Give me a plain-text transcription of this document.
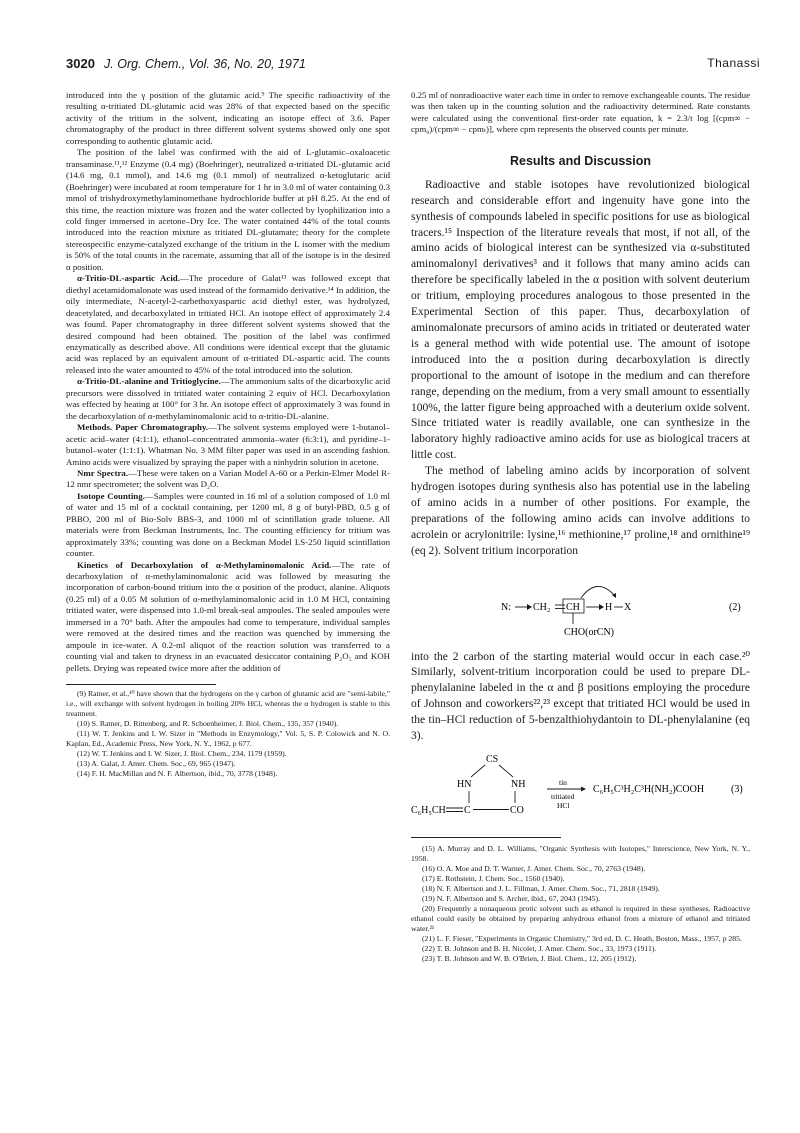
3020 J. Org. Chem., Vol. 36, No. 20, 1971	Thanassi

introduced into the γ position of the glutamic acid.⁹ The specific radioactivity of the resulting α-tritiated DL-glutamic acid was 28% of that expected based on the specific activity of the tritium in the solvent, indicating an isotope effect of 3.6. Paper chromatography of the product in three different solvent systems showed only one spot corresponding to authentic glutamic acid.

The position of the label was confirmed with the aid of L-glutamic–oxaloacetic transaminase.¹¹,¹² Enzyme (0.4 mg) (Boehringer), neutralized α-tritiated DL-glutamic acid (14.6 mg, 0.1 mmol), and 14.6 mg (0.1 mmol) of neutralized α-ketoglutaric acid (Boehringer) were incubated at room temperature for 1 hr in 3.0 ml of water containing 0.3 mmol of trishydroxymethylaminomethane hydrochloride buffer at pH 8.25. At the end of this time, the reaction mixture was frozen and the water collected by lyophilization into a cold finger immersed in acetone–Dry Ice. The water contained 44% of the total counts introduced into the reaction mixture as tritiated DL-glutamate; theory for the complete stereospecific enzyme-catalyzed exchange of the tritium in the L isomer with the medium is 50% of the total counts in the racemate, assuming that all of the isotope is in the desired α position.

α-Tritio-DL-aspartic Acid.—The procedure of Galat¹³ was followed except that diethyl acetamidomalonate was used instead of the formamido derivative.¹⁴ In addition, the oily intermediate, N-acetyl-2-carbethoxyaspartic acid diethyl ester, was hydrolyzed, deacetylated, and decarboxylated in tritiated HCl. An isotope effect of approximately 2.4 was found. Paper chromatography in three different solvent systems showed that the desired compound had been obtained. The position of the label was confirmed enzymatically as described above. All conditions were identical except that the glutamic acid was replaced by an equivalent amount of α-tritiated DL-aspartic acid. The counts released into the water amounted to 45% of the total introduced into the solution.

α-Tritio-DL-alanine and Tritioglycine.—The ammonium salts of the dicarboxylic acid precursors were dissolved in tritiated water containing 2 equiv of HCl. Decarboxylation was effected by heating at 100° for 3 hr. An isotope effect of approximately 3 was found in the decarboxylation of α-methylaminomalonic acid to α-tritio-DL-alanine.

Methods. Paper Chromatography.—The solvent systems employed were 1-butanol–acetic acid–water (4:1:1), ethanol–concentrated ammonia–water (6:3:1), and pyridine–1-butanol–water (1:1:1). Whatman No. 3 MM filter paper was used in an ascending fashion. Amino acids were visualized by spraying the paper with a ninhydrin solution in acetone.

Nmr Spectra.—These were taken on a Varian Model A-60 or a Perkin-Elmer Model R-12 nmr spectrometer; the solvent was D₂O.

Isotope Counting.—Samples were counted in 16 ml of a solution composed of 1.0 ml of water and 15 ml of a cocktail containing, per 1200 ml, 8 g of butyl-PBD, 0.5 g of PBBO, 200 ml of Bio-Solv BBS-3, and 1000 ml of scintillation grade toluene. All materials were from Beckman Instruments, Inc. The counting efficiency for tritium was approximately 33%; counting was done on a Beckman Model LS-250 liquid scintillation counter.

Kinetics of Decarboxylation of α-Methylaminomalonic Acid.—The rate of decarboxylation of α-methylaminomalonic acid was followed by measuring the incorporation of carbon-bound tritium into the α position of the product, alanine. Aliquots (0.25 ml) of a 0.05 M solution of α-methylaminomalonic acid in 1.0 M HCl, containing tritiated water, were dispensed into 1.0-ml break-seal ampoules. The sealed ampoules were immersed in a 70° bath. After the ampoules had come to temperature, individual samples were removed at the desired times and the reaction was quenched by immersing the ampoule in ice-water. A 0.2-ml aliquot of the reaction solution was transferred to a counting vial and taken to dryness in an evacuated desiccator containing P₂O₅ and KOH pellets. Drying was repeated twice more after the addition of

(9) Ratner, et al.,¹⁰ have shown that the hydrogens on the γ carbon of glutamic acid are "semi-labile," i.e., will exchange with solvent hydrogen in boiling 20% HCl, whereas the α hydrogen is stable to this treatment.

(10) S. Ratner, D. Rittenberg, and R. Schoenheimer, J. Biol. Chem., 135, 357 (1940).

(11) W. T. Jenkins and I. W. Sizer in "Methods in Enzymology," Vol. 5, S. P. Colowick and N. O. Kaplan, Ed., Academic Press, New York, N. Y., 1962, p 677.

(12) W. T. Jenkins and I. W. Sizer, J. Biol. Chem., 234, 1179 (1959).

(13) A. Galat, J. Amer. Chem. Soc., 69, 965 (1947).

(14) F. H. MacMillan and N. F. Albertson, ibid., 70, 3778 (1948).

0.25 ml of nonradioactive water each time in order to remove exchangeable counts. The residue was then taken up in the counting solution and the radioactivity determined. Rate constants were calculated using the conventional first-order rate equation, k = 2.3/t log [(cpm∞ − cpm₀)/(cpm∞ − cpmₜ)], where cpm represents the observed counts per minute.

Results and Discussion

Radioactive and stable isotopes have revolutionized biological research and considerable effort and ingenuity have gone into the synthesis of compounds labeled in specific positions for use as biological tracers.¹⁵ Inspection of the literature reveals that most, if not all, of the amino acids of biological interest can be synthesized via α-substituted aminomalonyl derivatives³ and it follows that many amino acids can therefore be specifically labeled in the α position with solvent deuterium or tritium, employing procedures analogous to those presented in the Experimental Section of this paper. Thus, decarboxylation of aminomalonate precursors of amino acids in tritiated or deuterated water is a general method with wide potential use. The amount of isotope introduced into the α position during decarboxylation is directly proportional to the amount of isotope in the medium and can therefore range, depending on the medium, from a very small amount to essentially 100%, the latter figure being approached with a deuterium oxide solvent. Since tritiated water is readily available, one can synthesize in the laboratory highly radioactive amino acids for use as biological tracers at little cost.

The method of labeling amino acids by incorporation of solvent hydrogen isotopes during synthesis also has potential use in the labeling of amino acids in a number of other positions. For example, the preparations of the following amino acids can involve additions to acrolein or acrylonitrile: lysine,¹⁶ methionine,¹⁷ proline,¹⁸ and ornithine¹⁹ (eq 2). Solvent tritium incorporation

N: CH₂ CH	H X
CHO(orCN)
(2)

into the 2 carbon of the starting material would occur in each case.²⁰ Similarly, solvent-tritium incorporation could be used to prepare DL-phenylalanine labeled in the α and β positions employing the procedure of Johnson and coworkers²²,²³ except that tritiated HCl would be used in the tin–HCl reduction of 5-benzalthiohydantoin to DL-phenylalanine (eq 3).

CS
HN	NH
C₆H₅CH C	CO
tin
tritiated
HCl
C₆H₅C³H₂C³H(NH₂)COOH	(3)

(15) A. Murray and D. L. Williams, "Organic Synthesis with Isotopes," Interscience, New York, N. Y., 1958.

(16) O. A. Moe and D. T. Warner, J. Amer. Chem. Soc., 70, 2763 (1948).

(17) E. Rothstein, J. Chem. Soc., 1560 (1940).

(18) N. F. Albertson and J. L. Fillman, J. Amer. Chem. Soc., 71, 2818 (1949).

(19) N. F. Albertson and S. Archer, ibid., 67, 2043 (1945).

(20) Frequently a nonaqueous protic solvent such as ethanol is required in these syntheses. Radioactive ethanol could easily be obtained by preparing anhydrous ethanol from a mixture of ethanol and tritiated water.²¹

(21) L. F. Fieser, "Experiments in Organic Chemistry," 3rd ed, D. C. Heath, Boston, Mass., 1957, p 285.

(22) T. B. Johnson and B. H. Nicolet, J. Amer. Chem. Soc., 33, 1973 (1911).

(23) T. B. Johnson and W. B. O'Brien, J. Biol. Chem., 12, 205 (1912).
